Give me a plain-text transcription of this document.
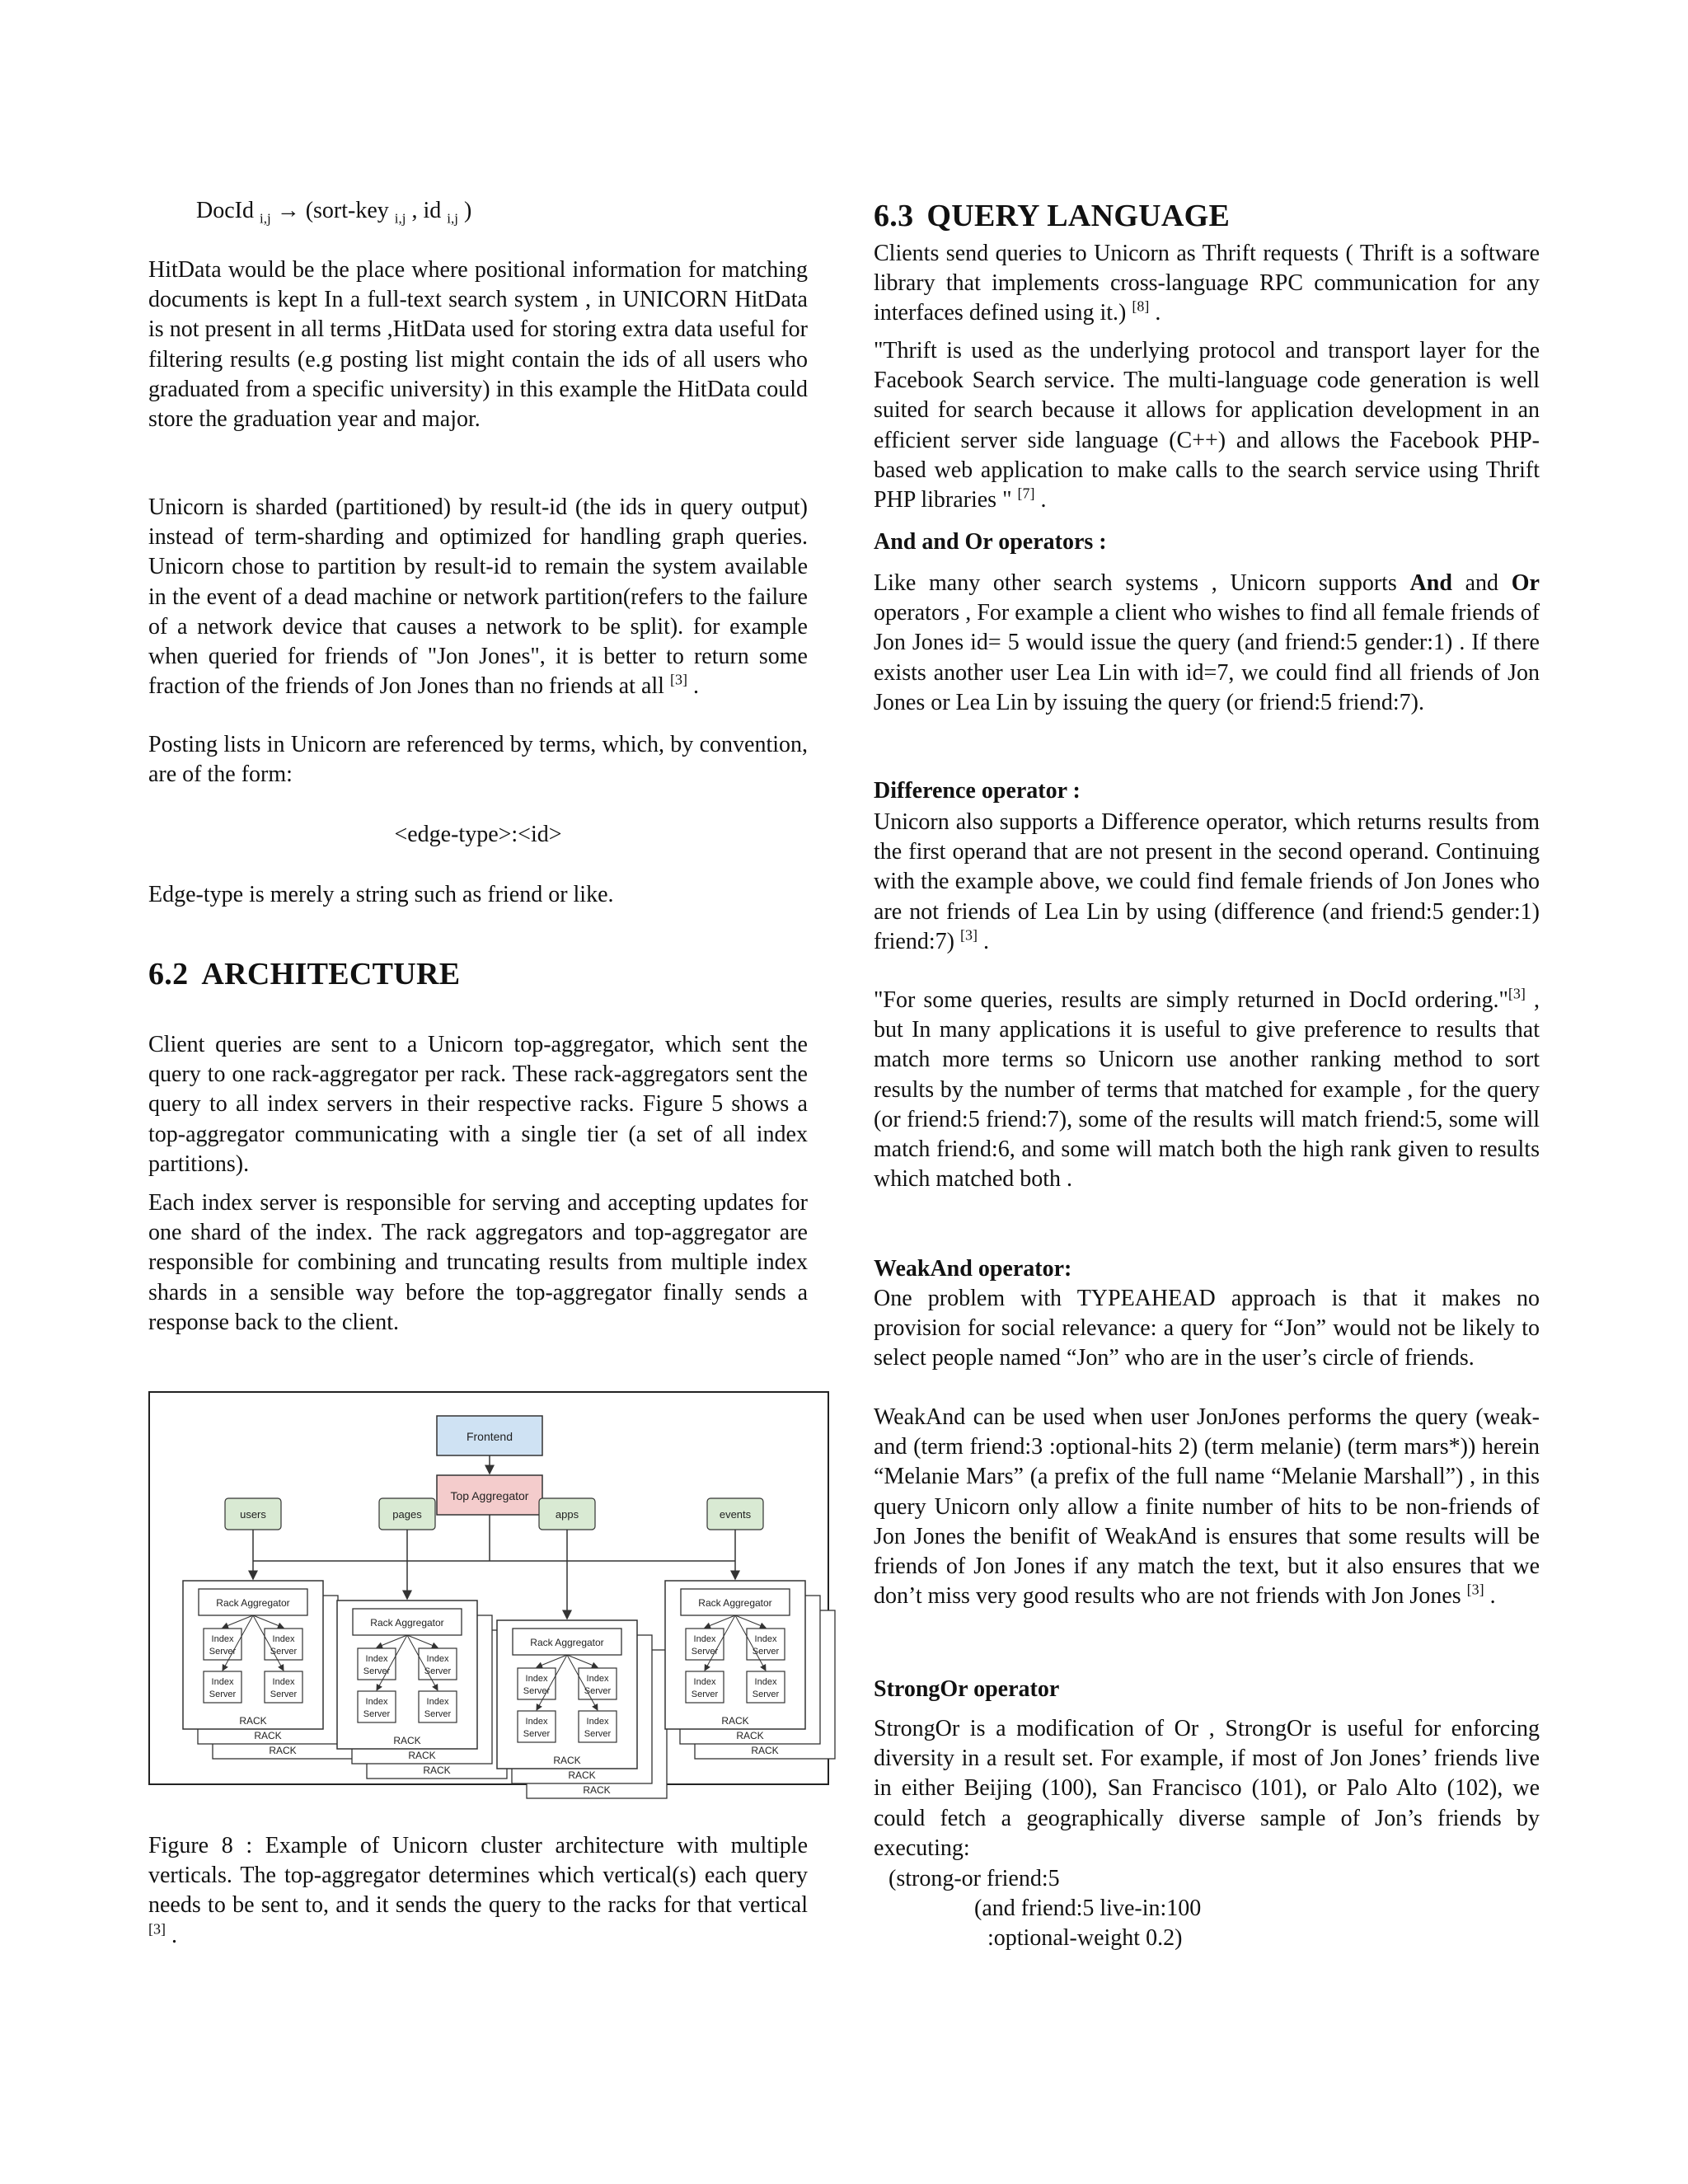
DocId $_{i,j}$ → (sort-key $_{i,j}$ , id $_{i,j}$ )

HitData would be the place where positional information for matching documents is kept In a full-text search system , in UNICORN HitData is not present in all terms ,HitData used for storing extra data useful for filtering results (e.g posting list might contain the ids of all users who graduated from a specific university) in this example the HitData could store the graduation year and major.

Unicorn is sharded (partitioned) by result-id (the ids in query output) instead of term-sharding and optimized for handling graph queries. Unicorn chose to partition by result-id to remain the system available in the event of a dead machine or network partition(refers to the failure of a network device that causes a network to be split). for example when queried for friends of "Jon Jones", it is better to return some fraction of the friends of Jon Jones than no friends at all [3] .

Posting lists in Unicorn are referenced by terms, which, by convention, are of the form:

<edge-type>:<id>

Edge-type is merely a string such as friend or like.

6.2 ARCHITECTURE

Client queries are sent to a Unicorn top-aggregator, which sent the query to one rack-aggregator per rack. These rack-aggregators sent the query to all index servers in their respective racks. Figure 5 shows a top-aggregator communicating with a single tier (a set of all index partitions).

Each index server is responsible for serving and accepting updates for one shard of the index. The rack aggregators and top-aggregator are responsible for combining and truncating results from multiple index shards in a sensible way before the top-aggregator finally sends a response back to the client.

Frontend
Top Aggregator
users
RACK
RACK
RACK
Rack Aggregator
Index
Server
Index
Server
Index
Server
Index
Server
pages
RACK
RACK
RACK
Rack Aggregator
Index
Server
Index
Server
Index
Server
Index
Server
apps
RACK
RACK
RACK
Rack Aggregator
Index
Server
Index
Server
Index
Server
Index
Server
events
RACK
RACK
RACK
Rack Aggregator
Index
Server
Index
Server
Index
Server
Index
Server

Figure 8 : Example of Unicorn cluster architecture with multiple verticals. The top-aggregator determines which vertical(s) each query needs to be sent to, and it sends the query to the racks for that vertical [3] .

6.3 QUERY LANGUAGE

Clients send queries to Unicorn as Thrift requests ( Thrift is a software library that implements cross-language RPC communication for any interfaces defined using it.) [8] .

"Thrift is used as the underlying protocol and transport layer for the Facebook Search service. The multi-language code generation is well suited for search because it allows for application development in an efficient server side language (C++) and allows the Facebook PHP-based web application to make calls to the search service using Thrift PHP libraries " [7] .

And and Or operators :

Like many other search systems , Unicorn supports And and Or operators , For example a client who wishes to find all female friends of Jon Jones id= 5 would issue the query (and friend:5 gender:1) . If there exists another user Lea Lin with id=7, we could find all friends of Jon Jones or Lea Lin by issuing the query (or friend:5 friend:7).

Difference operator :

Unicorn also supports a Difference operator, which returns results from the first operand that are not present in the second operand. Continuing with the example above, we could find female friends of Jon Jones who are not friends of Lea Lin by using (difference (and friend:5 gender:1) friend:7) [3] .

"For some queries, results are simply returned in DocId ordering."[3] , but In many applications it is useful to give preference to results that match more terms so Unicorn use another ranking method to sort results by the number of terms that matched for example , for the query (or friend:5 friend:7), some of the results will match friend:5, some will match friend:6, and some will match both the high rank given to results which matched both .

WeakAnd operator:

One problem with TYPEAHEAD approach is that it makes no provision for social relevance: a query for “Jon” would not be likely to select people named “Jon” who are in the user’s circle of friends.

WeakAnd can be used when user JonJones performs the query (weak-and (term friend:3 :optional-hits 2) (term melanie) (term mars*)) herein “Melanie Mars” (a prefix of the full name “Melanie Marshall”) , in this query Unicorn only allow a finite number of hits to be non-friends of Jon Jones the benifit of WeakAnd is ensures that some results will be friends of Jon Jones if any match the text, but it also ensures that we don’t miss very good results who are not friends with Jon Jones [3] .

StrongOr operator

StrongOr is a modification of Or , StrongOr is useful for enforcing diversity in a result set. For example, if most of Jon Jones’ friends live in either Beijing (100), San Francisco (101), or Palo Alto (102), we could fetch a geographically diverse sample of Jon’s friends by executing:

(strong-or friend:5
(and friend:5 live-in:100
:optional-weight 0.2)
